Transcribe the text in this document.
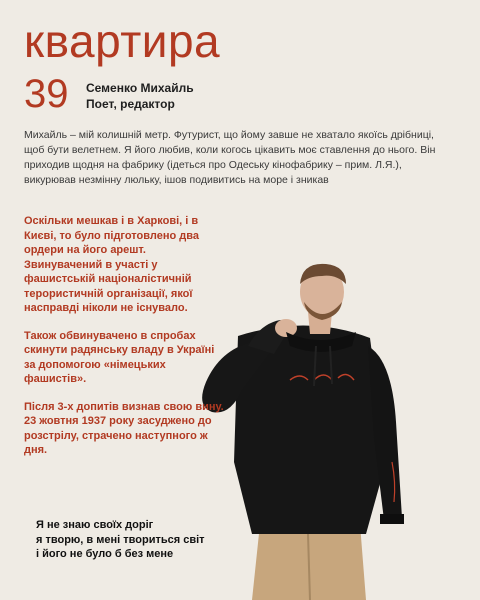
квартира
39 Семенко Михайль
Поет, редактор
Михайль – мій колишній метр. Футурист, що йому завше не хватало якоїсь дрібниці, щоб бути велетнем. Я його любив, коли когось цікавить моє ставлення до нього. Він приходив щодня на фабрику (ідеться про Одеську кінофабрику – прим. Л.Я.), викурював незмінну люльку, ішов подивитись на море і зникав

Оскільки мешкав і в Харкові, і в Києві, то було підготовлено два ордери на його арешт. Звинувачений в участі у фашистській націоналістичній терористичній організації, якої насправді ніколи не існувало.

Також обвинувачено в спробах скинути радянську владу в Україні за допомогою «німецьких фашистів».

Після 3-х допитів визнав свою вину. 23 жовтня 1937 року засуджено до розстрілу, страчено наступного ж дня.

Я не знаю своїх доріг
я творю, в мені твориться світ
і його не було б без мене
